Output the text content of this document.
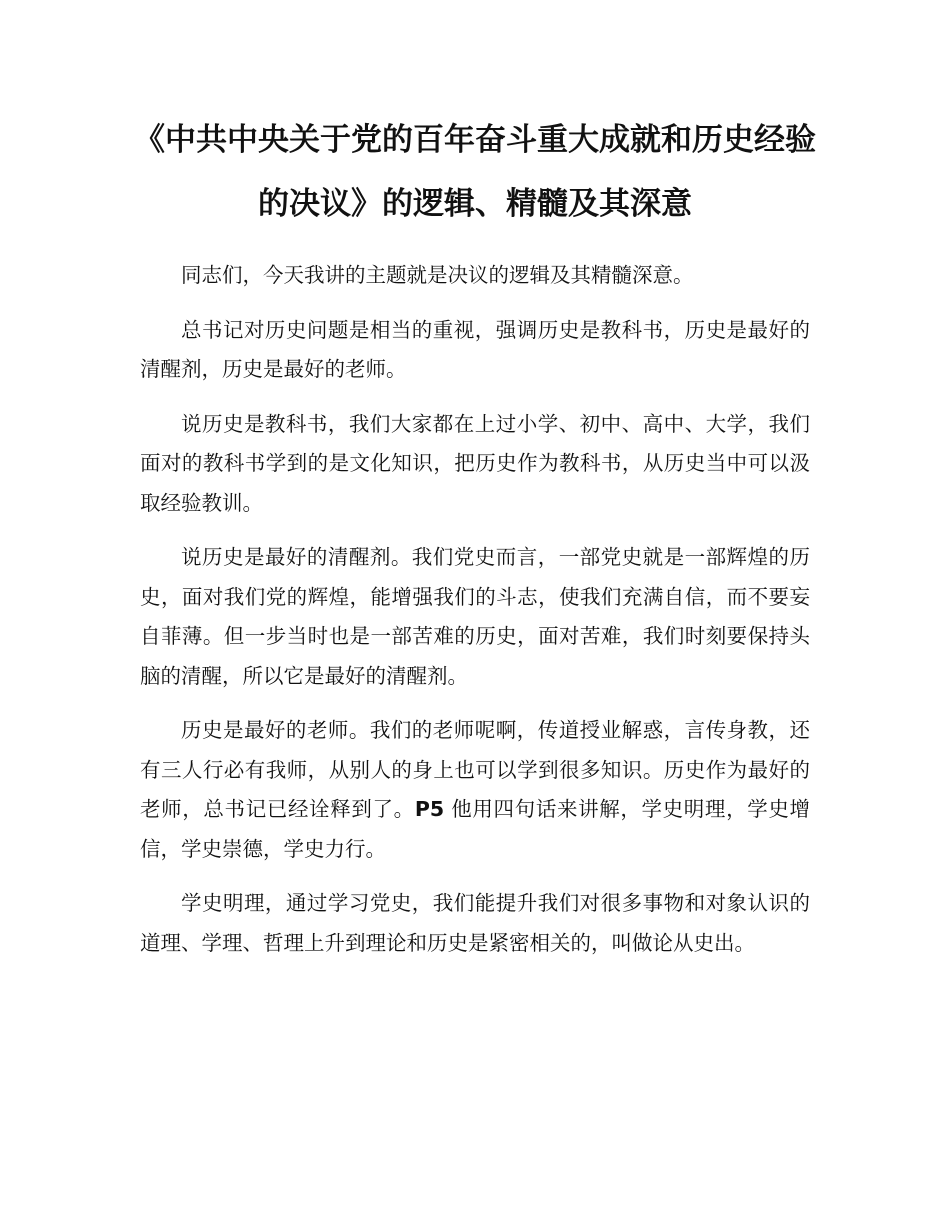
《中共中央关于党的百年奋斗重大成就和历史经验的决议》的逻辑、精髓及其深意

同志们，今天我讲的主题就是决议的逻辑及其精髓深意。

总书记对历史问题是相当的重视，强调历史是教科书，历史是最好的清醒剂，历史是最好的老师。

说历史是教科书，我们大家都在上过小学、初中、高中、大学，我们面对的教科书学到的是文化知识，把历史作为教科书，从历史当中可以汲取经验教训。

说历史是最好的清醒剂。我们党史而言，一部党史就是一部辉煌的历史，面对我们党的辉煌，能增强我们的斗志，使我们充满自信，而不要妄自菲薄。但一步当时也是一部苦难的历史，面对苦难，我们时刻要保持头脑的清醒，所以它是最好的清醒剂。

历史是最好的老师。我们的老师呢啊，传道授业解惑，言传身教，还有三人行必有我师，从别人的身上也可以学到很多知识。历史作为最好的老师，总书记已经诠释到了。P5 他用四句话来讲解，学史明理，学史增信，学史崇德，学史力行。

学史明理，通过学习党史，我们能提升我们对很多事物和对象认识的道理、学理、哲理上升到理论和历史是紧密相关的，叫做论从史出。
